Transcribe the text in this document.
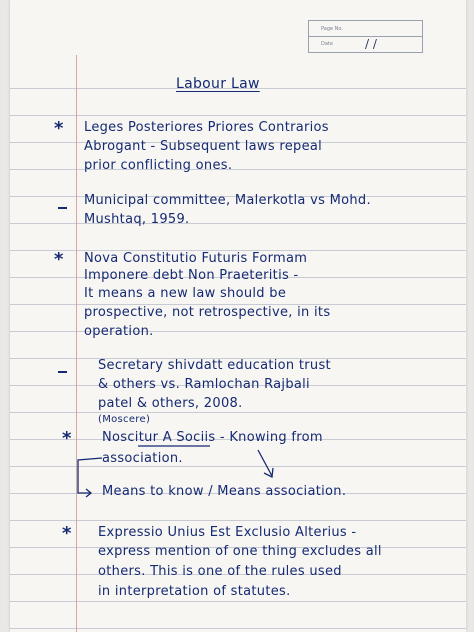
Page No.
Date	/ /
Labour Law
* Leges Posteriores Priores Contrarios
Abrogant - Subsequent laws repeal
prior conflicting ones.
Municipal committee, Malerkotla vs Mohd.
Mushtaq, 1959.
* Nova Constitutio Futuris Formam
Imponere debt Non Praeteritis -
It means a new law should be
prospective, not retrospective, in its
operation.
Secretary shivdatt education trust
& others vs. Ramlochan Rajbali
patel & others, 2008.
(Moscere)
* Noscitur A Sociis - Knowing from
association.
Means to know / Means association.
* Expressio Unius Est Exclusio Alterius -
express mention of one thing excludes all
others. This is one of the rules used
in interpretation of statutes.
